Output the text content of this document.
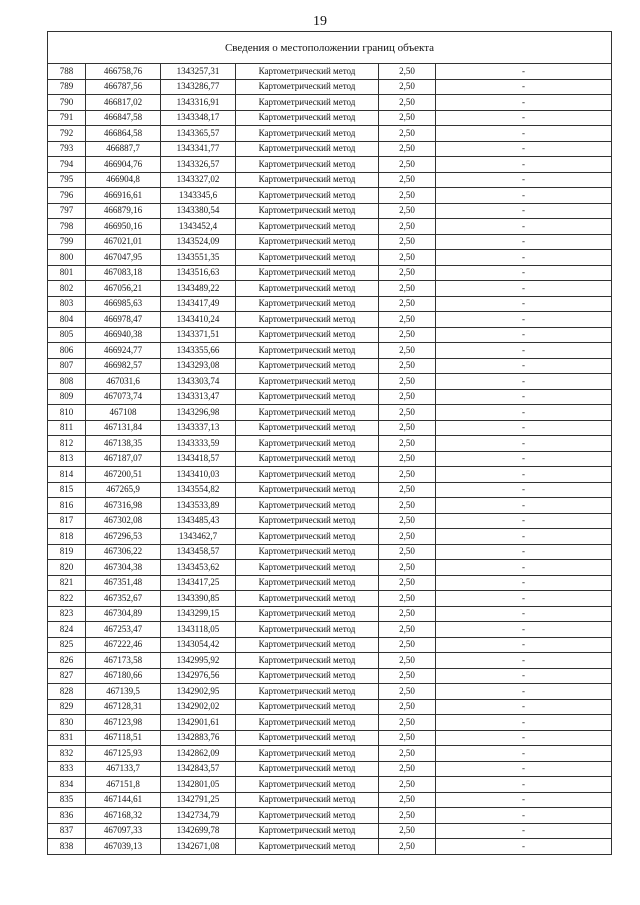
19
Сведения о местоположении границ объекта					
788	466758,76	1343257,31	Картометрический метод	2,50	-
789	466787,56	1343286,77	Картометрический метод	2,50	-
790	466817,02	1343316,91	Картометрический метод	2,50	-
791	466847,58	1343348,17	Картометрический метод	2,50	-
792	466864,58	1343365,57	Картометрический метод	2,50	-
793	466887,7	1343341,77	Картометрический метод	2,50	-
794	466904,76	1343326,57	Картометрический метод	2,50	-
795	466904,8	1343327,02	Картометрический метод	2,50	-
796	466916,61	1343345,6	Картометрический метод	2,50	-
797	466879,16	1343380,54	Картометрический метод	2,50	-
798	466950,16	1343452,4	Картометрический метод	2,50	-
799	467021,01	1343524,09	Картометрический метод	2,50	-
800	467047,95	1343551,35	Картометрический метод	2,50	-
801	467083,18	1343516,63	Картометрический метод	2,50	-
802	467056,21	1343489,22	Картометрический метод	2,50	-
803	466985,63	1343417,49	Картометрический метод	2,50	-
804	466978,47	1343410,24	Картометрический метод	2,50	-
805	466940,38	1343371,51	Картометрический метод	2,50	-
806	466924,77	1343355,66	Картометрический метод	2,50	-
807	466982,57	1343293,08	Картометрический метод	2,50	-
808	467031,6	1343303,74	Картометрический метод	2,50	-
809	467073,74	1343313,47	Картометрический метод	2,50	-
810	467108	1343296,98	Картометрический метод	2,50	-
811	467131,84	1343337,13	Картометрический метод	2,50	-
812	467138,35	1343333,59	Картометрический метод	2,50	-
813	467187,07	1343418,57	Картометрический метод	2,50	-
814	467200,51	1343410,03	Картометрический метод	2,50	-
815	467265,9	1343554,82	Картометрический метод	2,50	-
816	467316,98	1343533,89	Картометрический метод	2,50	-
817	467302,08	1343485,43	Картометрический метод	2,50	-
818	467296,53	1343462,7	Картометрический метод	2,50	-
819	467306,22	1343458,57	Картометрический метод	2,50	-
820	467304,38	1343453,62	Картометрический метод	2,50	-
821	467351,48	1343417,25	Картометрический метод	2,50	-
822	467352,67	1343390,85	Картометрический метод	2,50	-
823	467304,89	1343299,15	Картометрический метод	2,50	-
824	467253,47	1343118,05	Картометрический метод	2,50	-
825	467222,46	1343054,42	Картометрический метод	2,50	-
826	467173,58	1342995,92	Картометрический метод	2,50	-
827	467180,66	1342976,56	Картометрический метод	2,50	-
828	467139,5	1342902,95	Картометрический метод	2,50	-
829	467128,31	1342902,02	Картометрический метод	2,50	-
830	467123,98	1342901,61	Картометрический метод	2,50	-
831	467118,51	1342883,76	Картометрический метод	2,50	-
832	467125,93	1342862,09	Картометрический метод	2,50	-
833	467133,7	1342843,57	Картометрический метод	2,50	-
834	467151,8	1342801,05	Картометрический метод	2,50	-
835	467144,61	1342791,25	Картометрический метод	2,50	-
836	467168,32	1342734,79	Картометрический метод	2,50	-
837	467097,33	1342699,78	Картометрический метод	2,50	-
838	467039,13	1342671,08	Картометрический метод	2,50	-
